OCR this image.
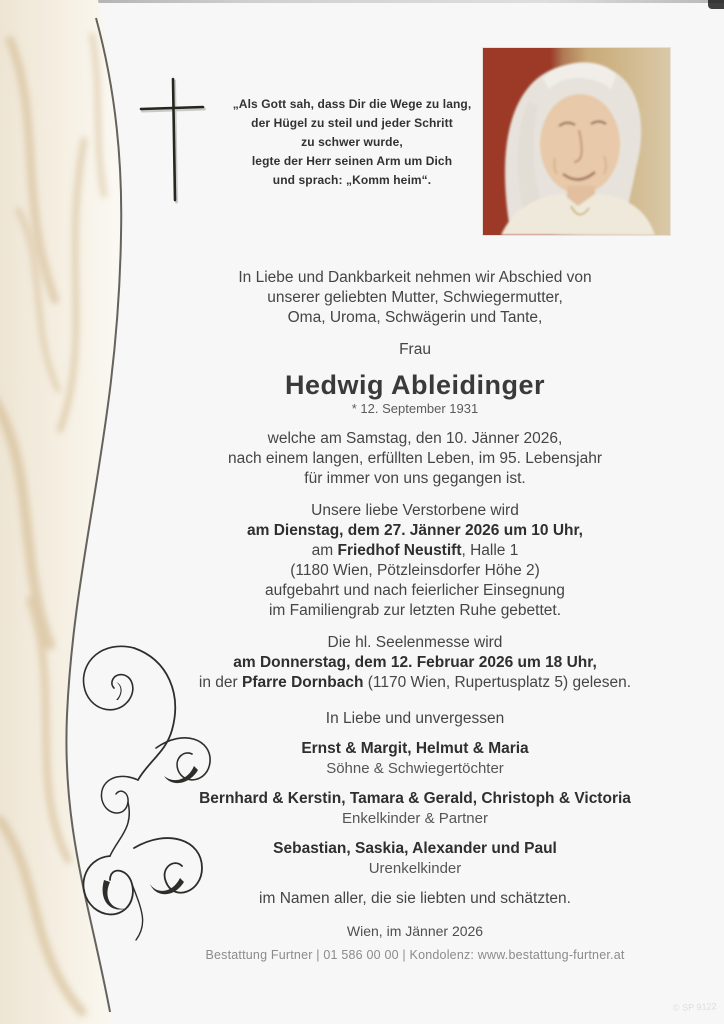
„Als Gott sah, dass Dir die Wege zu lang,
der Hügel zu steil und jeder Schritt
zu schwer wurde,
legte der Herr seinen Arm um Dich
und sprach: „Komm heim“.

In Liebe und Dankbarkeit nehmen wir Abschied von

unserer geliebten Mutter, Schwiegermutter,

Oma, Uroma, Schwägerin und Tante,

Frau

Hedwig Ableidinger

* 12. September 1931

welche am Samstag, den 10. Jänner 2026,

nach einem langen, erfüllten Leben, im 95. Lebensjahr

für immer von uns gegangen ist.

Unsere liebe Verstorbene wird

am Dienstag, dem 27. Jänner 2026 um 10 Uhr,

am Friedhof Neustift, Halle 1

(1180 Wien, Pötzleinsdorfer Höhe 2)

aufgebahrt und nach feierlicher Einsegnung

im Familiengrab zur letzten Ruhe gebettet.

Die hl. Seelenmesse wird

am Donnerstag, dem 12. Februar 2026 um 18 Uhr,

in der Pfarre Dornbach (1170 Wien, Rupertusplatz 5) gelesen.

In Liebe und unvergessen

Ernst & Margit, Helmut & Maria

Söhne & Schwiegertöchter

Bernhard & Kerstin, Tamara & Gerald, Christoph & Victoria

Enkelkinder & Partner

Sebastian, Saskia, Alexander und Paul

Urenkelkinder

im Namen aller, die sie liebten und schätzten.

Wien, im Jänner 2026

Bestattung Furtner | 01 586 00 00 | Kondolenz: www.bestattung-furtner.at
© SP 9122
